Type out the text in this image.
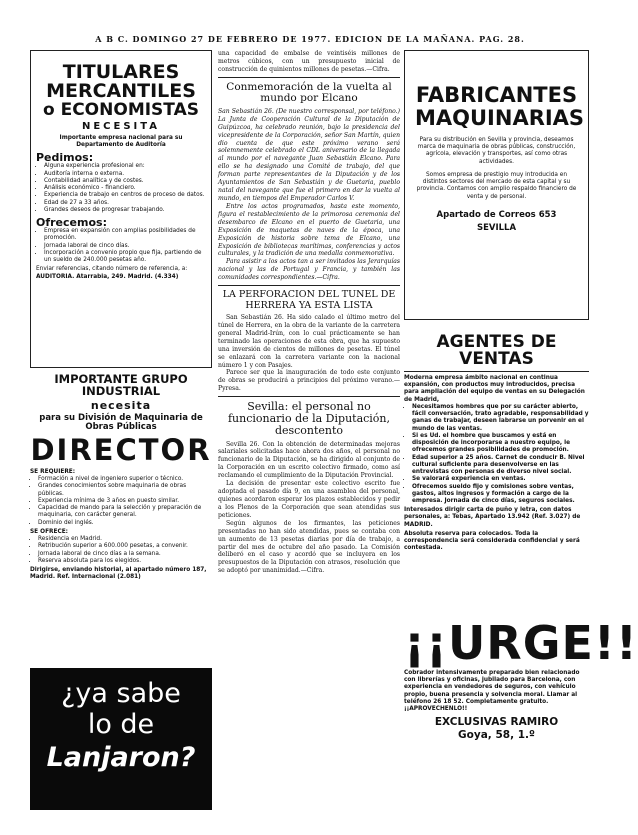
A B C. DOMINGO 27 DE FEBRERO DE 1977. EDICION DE LA MAÑANA. PAG. 28.

TITULARES

MERCANTILES

o ECONOMISTAS

NECESITA

Importante empresa nacional para su Departamento de Auditoría

Pedimos:

• Alguna experiencia profesional en:
• Auditoría interna o externa.
• Contabilidad analítica y de costes.
• Análisis económico - financiero.
• Experiencia de trabajo en centros de proceso de datos.
• Edad de 27 a 33 años.
• Grandes deseos de progresar trabajando.

Ofrecemos:

• Empresa en expansión con amplias posibilidades de promoción.
• Jornada laboral de cinco días.
• Incorporación a convenio propio que fija, partiendo de un sueldo de 240.000 pesetas año.

Enviar referencias, citando número de referencia, a:

AUDITORIA. Atarrabia, 249. Madrid. (4.334)

IMPORTANTE GRUPO INDUSTRIAL

necesita

para su División de Maquinaria de Obras Públicas

DIRECTOR

SE REQUIERE:

• Formación a nivel de ingeniero superior o técnico.
• Grandes conocimientos sobre maquinaria de obras públicas.
• Experiencia mínima de 3 años en puesto similar.
• Capacidad de mando para la selección y preparación de maquinaria, con carácter general.
• Dominio del inglés.

SE OFRECE:

• Residencia en Madrid.
• Retribución superior a 600.000 pesetas, a convenir.
• Jornada laboral de cinco días a la semana.
• Reserva absoluta para los elegidos.

Dirigirse, enviando historial, al apartado número 187, Madrid. Ref. Internacional (2.081)

¿ya sabe

lo de

Lanjaron?

una capacidad de embalse de veintiséis millones de metros cúbicos, con un presupuesto inicial de construcción de quinientos millones de pesetas.—Cifra.

Conmemoración de la vuelta al mundo por Elcano

San Sebastián 26. (De nuestro corresponsal, por teléfono.) La Junta de Cooperación Cultural de la Diputación de Guipúzcoa, ha celebrado reunión, bajo la presidencia del vicepresidente de la Corporación, señor San Martín, quien dio cuenta de que este próximo verano será solemnemente celebrado el CDL aniversario de la llegada al mundo por el navegante Juan Sebastián Elcano. Para ello se ha designado una Comité de trabajo, del que forman parte representantes de la Diputación y de los Ayuntamientos de San Sebastián y de Guetaria, pueblo natal del navegante que fue el primero en dar la vuelta al mundo, en tiempos del Emperador Carlos V.

Entre los actos programados, hasta este momento, figura el restablecimiento de la primorosa ceremonia del desembarco de Elcano en el puerto de Guetaria, una Exposición de maquetas de naves de la época, una Exposición de historia sobre tema de Elcano, una Exposición de bibliotecas marítimas, conferencias y actos culturales, y la tradición de una medalla conmemorativa.

Para asistir a los actos tan a ser invitados las Jerarquías nacional y las de Portugal y Francia, y también las comunidades correspondientes.—Cifra.

LA PERFORACION DEL TUNEL DE HERRERA YA ESTA LISTA

San Sebastián 26. Ha sido calado el último metro del túnel de Herrera, en la obra de la variante de la carretera general Madrid-Irún, con lo cual prácticamente se han terminado las operaciones de esta obra, que ha supuesto una inversión de cientos de millones de pesetas. El túnel se enlazará con la carretera variante con la nacional número 1 y con Pasajes.

Parece ser que la inauguración de todo este conjunto de obras se producirá a principios del próximo verano.—Pyresa.

Sevilla: el personal no funcionario de la Diputación, descontento

Sevilla 26. Con la obtención de determinadas mejoras salariales solicitadas hace ahora dos años, el personal no funcionario de la Diputación, se ha dirigido al conjunto de la Corporación en un escrito colectivo firmado, como así reclamando el cumplimiento de la Diputación Provincial.

La decisión de presentar este colectivo escrito fue adoptada el pasado día 9, en una asamblea del personal, quienes acordaron esperar los plazos establecidos y pedir a los Plenos de la Corporación que sean atendidas sus peticiones.

Según algunos de los firmantes, las peticiones presentadas no han sido atendidas, pues se contaba con un aumento de 13 pesetas diarias por día de trabajo, a partir del mes de octubre del año pasado. La Comisión deliberó en el caso y acordó que se incluyera en los presupuestos de la Diputación con atrasos, resolución que se adoptó por unanimidad.—Cifra.

FABRICANTES

MAQUINARIAS

Para su distribución en Sevilla y provincia, deseamos marca de maquinaria de obras públicas, construcción, agrícola, elevación y transportes, así como otras actividades.

Somos empresa de prestigio muy introducida en distintos sectores del mercado de esta capital y su provincia. Contamos con amplio respaldo financiero de venta y de personal.

Apartado de Correos 653

SEVILLA

AGENTES DE VENTAS

Moderna empresa ámbito nacional en continua expansión, con productos muy introducidos, precisa para ampliación del equipo de ventas en su Delegación de Madrid,

• Necesitamos hombres que por su carácter abierto, fácil conversación, trato agradable, responsabilidad y ganas de trabajar, deseen labrarse un porvenir en el mundo de las ventas.
• Si es Ud. el hombre que buscamos y está en disposición de incorporarse a nuestro equipo, le ofrecemos grandes posibilidades de promoción.
• Edad superior a 25 años. Carnet de conducir B. Nivel cultural suficiente para desenvolverse en las entrevistas con personas de diverso nivel social.
• Se valorará experiencia en ventas.
• Ofrecemos sueldo fijo y comisiones sobre ventas, gastos, altos ingresos y formación a cargo de la empresa. Jornada de cinco días, seguros sociales.

Interesados dirigir carta de puño y letra, con datos personales, a: Tebas, Apartado 13.942 (Ref. 3.027) de MADRID.

Absoluta reserva para colocados. Toda la correspondencia será considerada confidencial y será contestada.

¡¡URGE!!

Cobrador intensivamente preparado bien relacionado con librerías y oficinas, jubilado para Barcelona, con experiencia en vendedores de seguros, con vehículo propio, buena presencia y solvencia moral. Llamar al teléfono 26 18 52. Completamente gratuito. ¡¡APROVECHENLO!!

EXCLUSIVAS RAMIRO

Goya, 58, 1.º
